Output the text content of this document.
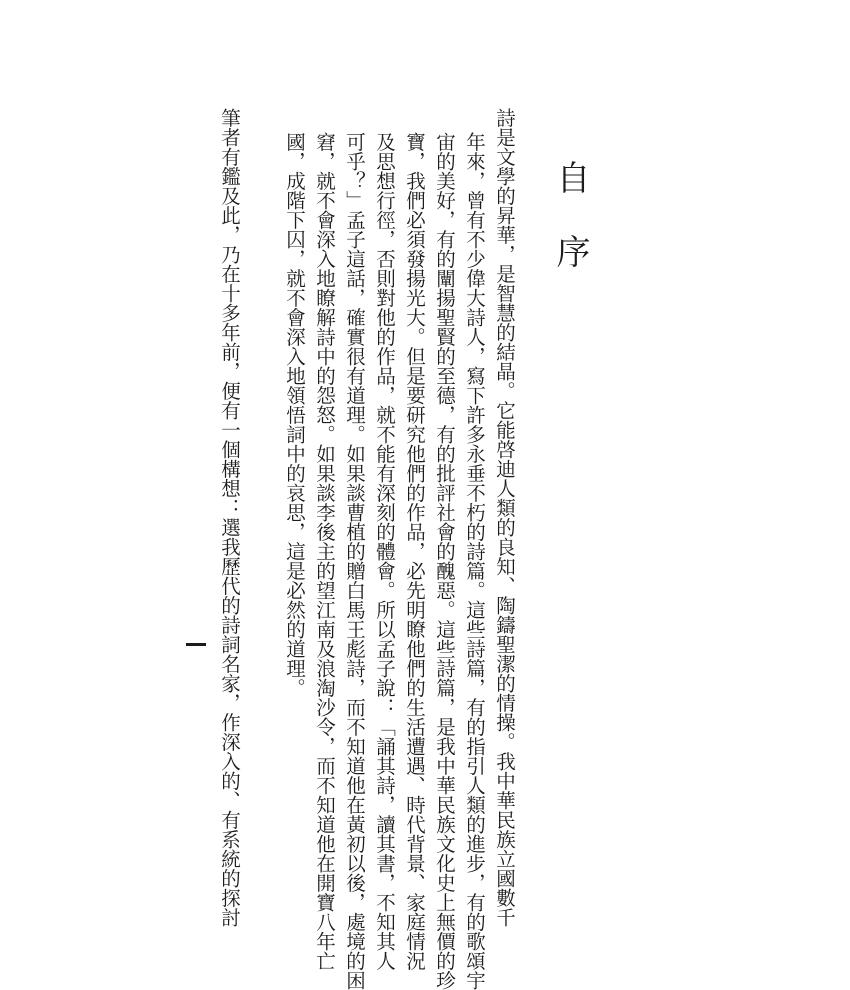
自序
詩是文學的昇華，是智慧的結晶。它能啓迪人類的良知、陶鑄聖潔的情操。我中華民族立國數千
年來，曾有不少偉大詩人，寫下許多永垂不朽的詩篇。這些詩篇，有的指引人類的進步，有的歌頌宇
宙的美好，有的闡揚聖賢的至德，有的批評社會的醜惡。這些詩篇，是我中華民族文化史上無價的珍
寶，我們必須發揚光大。但是要研究他們的作品，必先明瞭他們的生活遭遇、時代背景、家庭情況
及思想行徑，否則對他的作品，就不能有深刻的體會。所以孟子說：「誦其詩，讀其書，不知其人
可乎？」孟子這話，確實很有道理。如果談曹植的贈白馬王彪詩，而不知道他在黃初以後，處境的困
窘，就不會深入地瞭解詩中的怨怒。如果談李後主的望江南及浪淘沙令，而不知道他在開寶八年亡
國，成階下囚，就不會深入地領悟詞中的哀思，這是必然的道理。
筆者有鑑及此，乃在十多年前，便有一個構想：選我歷代的詩詞名家，作深入的、有系統的探討
